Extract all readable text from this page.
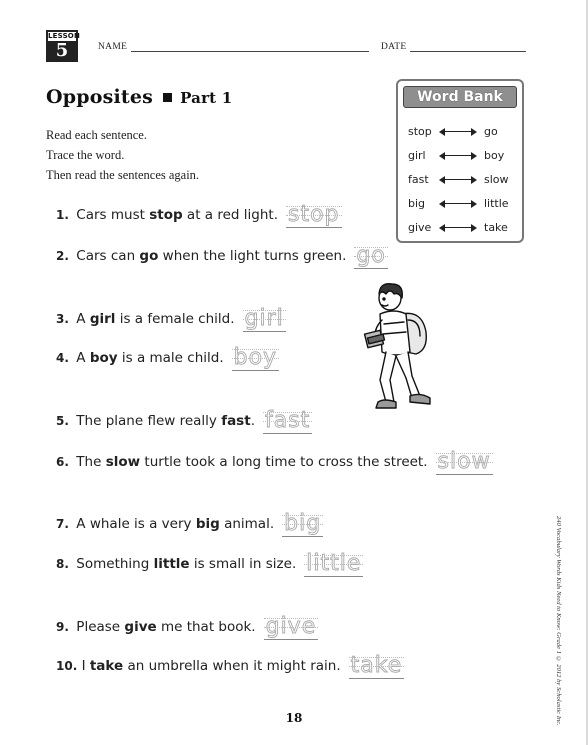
LESSON
5	NAME	DATE
Opposites Part 1
Read each sentence.
Trace the word.
Then read the sentences again.
Word Bank
stop	go
girl	boy
fast	slow
big	little
give	take
1. Cars must stop at a red light. stop
2. Cars can go when the light turns green. go
3. A girl is a female child. girl
4. A boy is a male child. boy
5. The plane flew really fast. fast
6. The slow turtle took a long time to cross the street. slow
7. A whale is a very big animal. big
8. Something little is small in size. little
9. Please give me that book. give
10. I take an umbrella when it might rain. take	240 Vocabulary Words Kids Need to Know: Grade 1 © 2012 by Scholastic Inc.
18
